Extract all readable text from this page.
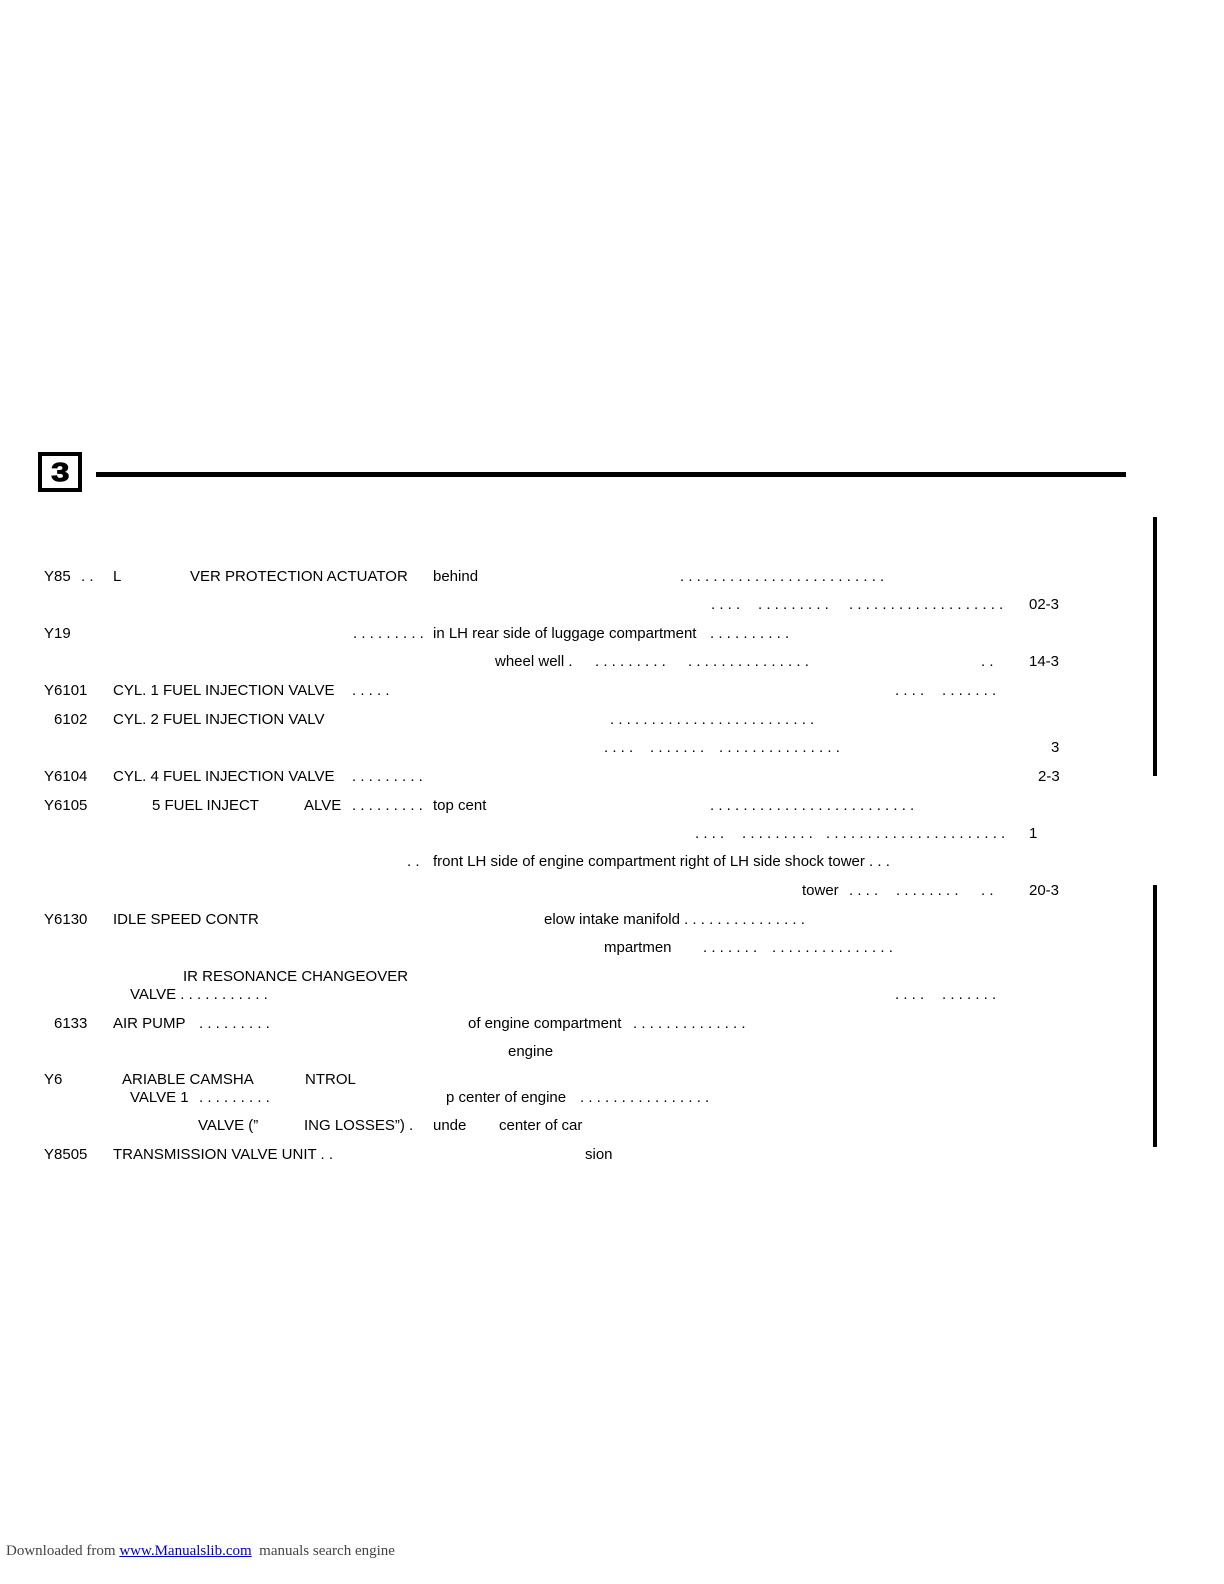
3
Y85 . . L	VER PROTECTION ACTUATOR behind	. . . . . . . . . . . . . . . . . . . . . . . . .
. . . . . . . . . . . . . . . . . . . . . . . . . . . . . . . . 02-3
Y19	. . . . . . . . . in LH rear side of luggage compartment . . . . . . . . . .
wheel well . . . . . . . . . . . . . . . . . . . . . . . . .	. . 14-3
Y6101 CYL. 1 FUEL INJECTION VALVE . . . . .	. . . . . . . . . . .
6102 CYL. 2 FUEL INJECTION VALV	. . . . . . . . . . . . . . . . . . . . . . . . .
. . . . . . . . . . . . . . . . . . . . . . . . . .	3
Y6104 CYL. 4 FUEL INJECTION VALVE . . . . . . . . .	2-3
Y6105	5 FUEL INJECT	ALVE . . . . . . . . . top cent	. . . . . . . . . . . . . . . . . . . . . . . . .
. . . . . . . . . . . . . . . . . . . . . . . . . . . . . . . . . . . 1
. . front LH side of engine compartment right of LH side shock tower . . .
tower . . . . . . . . . . . . . . 20-3
Y6130 IDLE SPEED CONTR	elow intake manifold . . . . . . . . . . . . . . .
mpartmen . . . . . . . . . . . . . . . . . . . . . .
IR RESONANCE CHANGEOVER
VALVE . . . . . . . . . . .	. . . . . . . . . . .
6133 AIR PUMP . . . . . . . . .	of engine compartment . . . . . . . . . . . . . .
engine
Y6	ARIABLE CAMSHA	NTROL
VALVE 1 . . . . . . . . .	p center of engine . . . . . . . . . . . . . . . .
VALVE (”	ING LOSSES”) . unde center of car
Y8505 TRANSMISSION VALVE UNIT . .	sion
Downloaded from www.Manualslib.com  manuals search engine
